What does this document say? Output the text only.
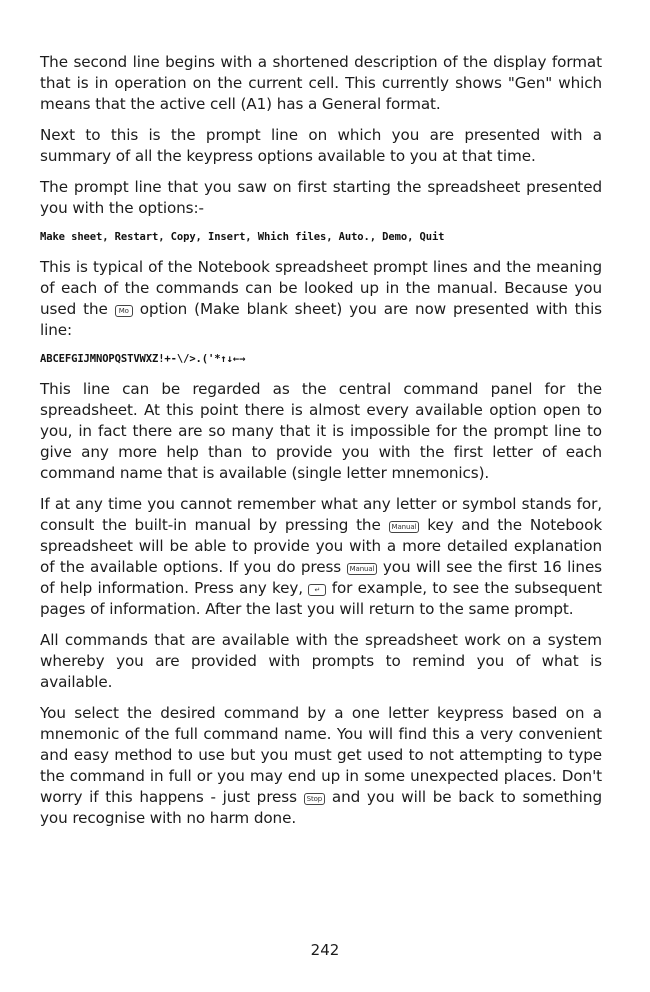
The second line begins with a shortened description of the display format that is in operation on the current cell. This currently shows "Gen" which means that the active cell (A1) has a General format.

Next to this is the prompt line on which you are presented with a summary of all the keypress options available to you at that time.

The prompt line that you saw on first starting the spreadsheet presented you with the options:-

Make sheet, Restart, Copy, Insert, Which files, Auto., Demo, Quit

This is typical of the Notebook spreadsheet prompt lines and the meaning of each of the commands can be looked up in the manual. Because you used the Mo option (Make blank sheet) you are now presented with this line:

ABCEFGIJMNOPQSTVWXZ!+-\/>.('*↑↓←→

This line can be regarded as the central command panel for the spreadsheet. At this point there is almost every available option open to you, in fact there are so many that it is impossible for the prompt line to give any more help than to provide you with the first letter of each command name that is available (single letter mnemonics).

If at any time you cannot remember what any letter or symbol stands for, consult the built-in manual by pressing the Manual key and the Notebook spreadsheet will be able to provide you with a more detailed explanation of the available options. If you do press Manual you will see the first 16 lines of help information. Press any key, ↵ for example, to see the subsequent pages of information. After the last you will return to the same prompt.

All commands that are available with the spreadsheet work on a system whereby you are provided with prompts to remind you of what is available.

You select the desired command by a one letter keypress based on a mnemonic of the full command name. You will find this a very convenient and easy method to use but you must get used to not attempting to type the command in full or you may end up in some unexpected places. Don't worry if this happens - just press Stop and you will be back to something you recognise with no harm done.

242
